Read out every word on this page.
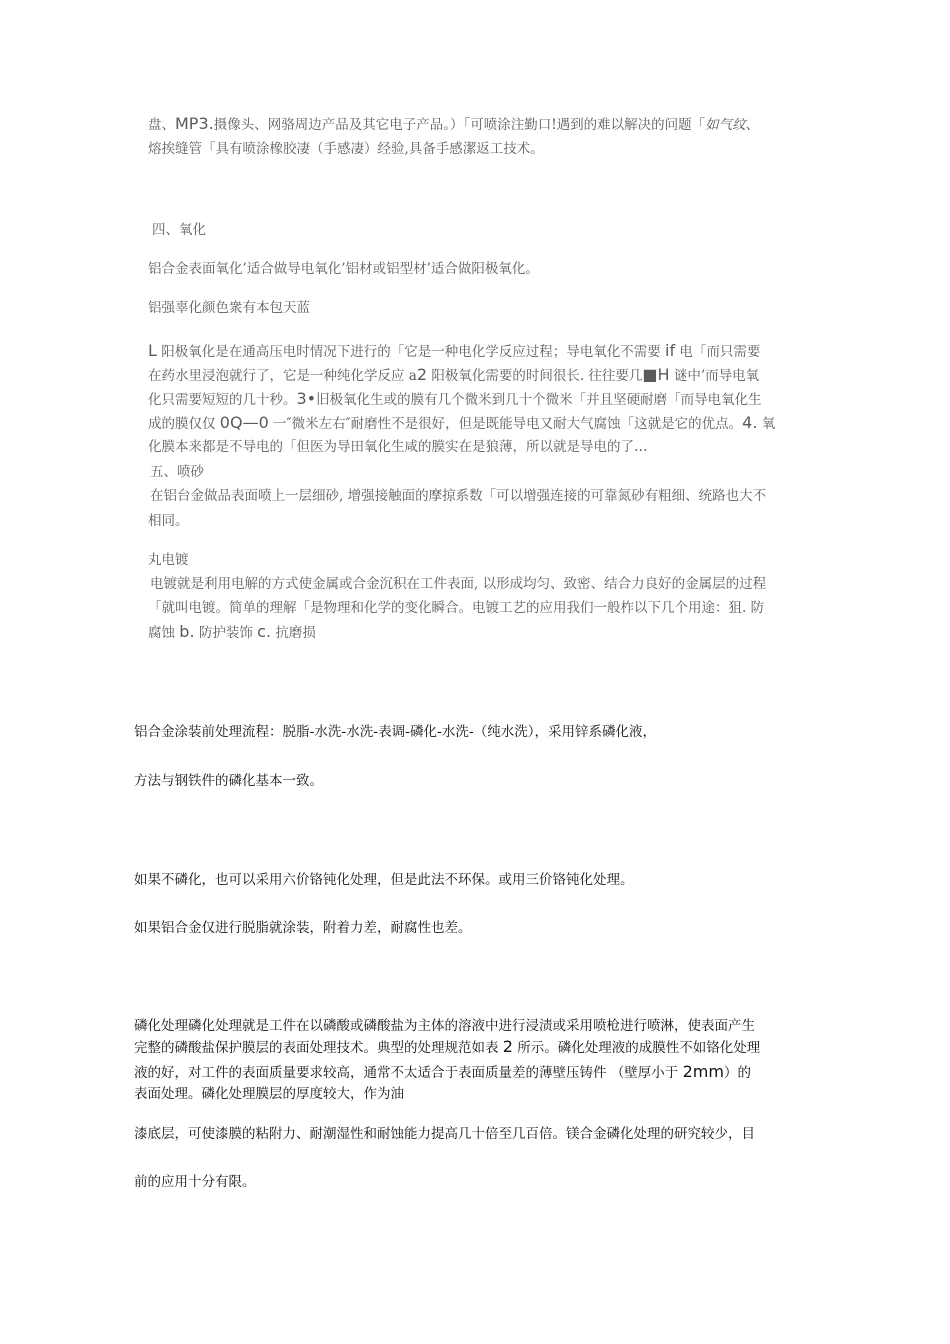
盘、MP3.摄像头、网骆周边产品及其它电子产品。）「可喷涂注勤口!遇到的难以解决的问题「如气纹、

熔挨缝管「具有喷涂橡胶凄（手感凄）经验,具备手感潔返工技术。

四、氧化

铝合金表面氧化’适合做导电氧化’铝材或铝型材’适合做阳极氧化。

铝强辜化颜色衆有本包天蓝

L 阳极氧化是在通高压电时情况下进行的「它是一种电化学反应过程；导电氧化不需要 if 电「而只需要

在药水里浸泡就行了，它是一种纯化学反应 a2 阳极氧化需要的时间很长. 往往要几■H 谜中’而导电氧

化只需要短短的几十秒。3•旧极氧化生或的膜有几个微米到几十个微米「并且坚硬耐磨「而导电氧化生

成的膜仅仅 0Q—0 一″微米左右″耐磨性不是很好，但是既能导电又耐大气腐蚀「这就是它的优点。4. 氧

化膜本来都是不导电的「但医为导田氧化生咸的膜实在是狼薄，所以就是导电的了…

五、喷砂

在铝台金做品表面喷上一层细砂, 增强接触面的摩掠系数「可以增强连接的可靠氮砂有粗细、统路也大不

相同。

丸电镀

电镀就是利用电解的方式使金属或合金沉积在工件表面, 以形成均匀、致密、结合力良好的金属层的过程

「就叫电镀。简单的理解「是物理和化学的变化瞬合。电镀工艺的应用我们一般柞以下几个用途：狙. 防

腐蚀 b. 防护装饰 c. 抗磨损

铝合金涂装前处理流程：脱脂-水洗-水洗-表调-磷化-水洗-（纯水洗），采用锌系磷化液，

方法与钢铁件的磷化基本一致。

如果不磷化，也可以采用六价铬钝化处理，但是此法不环保。或用三价铬钝化处理。

如果铝合金仅进行脱脂就涂装，附着力差，耐腐性也差。

磷化处理磷化处理就是工件在以磷酸或磷酸盐为主体的溶液中进行浸渍或采用喷枪进行喷淋，使表面产生

完整的磷酸盐保护膜层的表面处理技术。典型的处理规范如表 2 所示。磷化处理液的成膜性不如铬化处理

液的好，对工件的表面质量要求较高，通常不太适合于表面质量差的薄壁压铸件 （壁厚小于 2mm）的

表面处理。磷化处理膜层的厚度较大，作为油

漆底层，可使漆膜的粘附力、耐潮湿性和耐蚀能力提高几十倍至几百倍。镁合金磷化处理的研究较少，目

前的应用十分有限。
